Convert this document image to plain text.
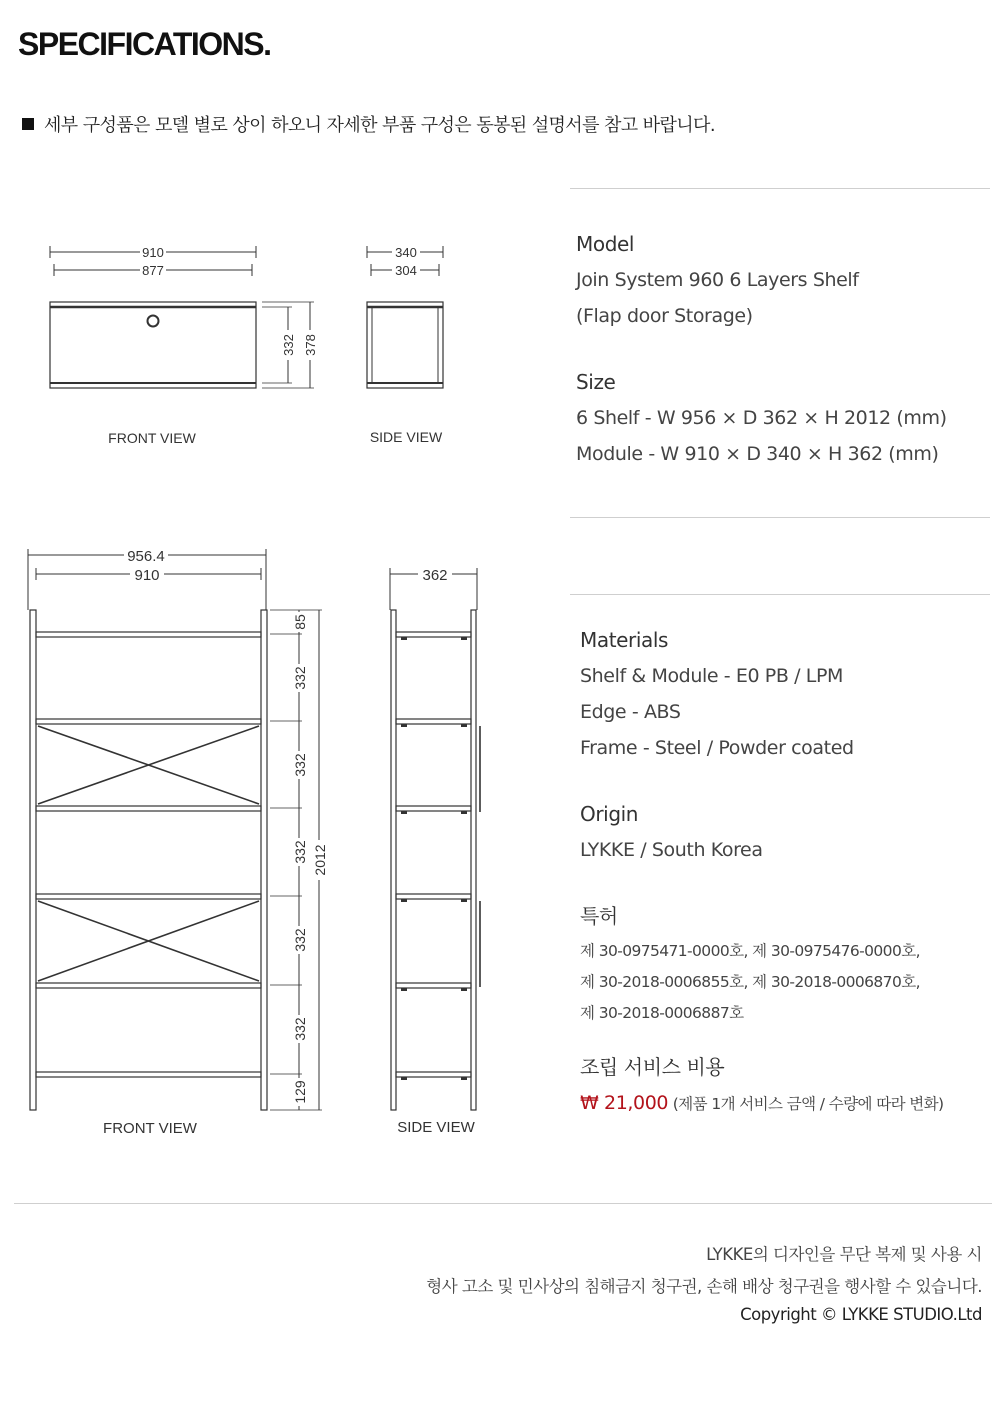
SPECIFICATIONS.
세부 구성품은 모델 별로 상이 하오니 자세한 부품 구성은 동봉된 설명서를 참고 바랍니다.
910
877
332 378
340
304
FRONT VIEW	SIDE VIEW
956.4
910
85
332
332
332
332
332
129
2012
362
FRONT VIEW	SIDE VIEW
Model
Join System 960 6 Layers Shelf
(Flap door Storage)
Size
6 Shelf - W 956 × D 362 × H 2012 (mm)
Module - W 910 × D 340 × H 362 (mm)
Materials
Shelf & Module - E0 PB / LPM
Edge - ABS
Frame - Steel / Powder coated
Origin
LYKKE / South Korea
특허
제 30-0975471-0000호, 제 30-0975476-0000호,
제 30-2018-0006855호, 제 30-2018-0006870호,
제 30-2018-0006887호
조립 서비스 비용
₩ 21,000 (제품 1개 서비스 금액 / 수량에 따라 변화)
LYKKE의 디자인을 무단 복제 및 사용 시
형사 고소 및 민사상의 침해금지 청구권, 손해 배상 청구권을 행사할 수 있습니다.
Copyright © LYKKE STUDIO.Ltd
